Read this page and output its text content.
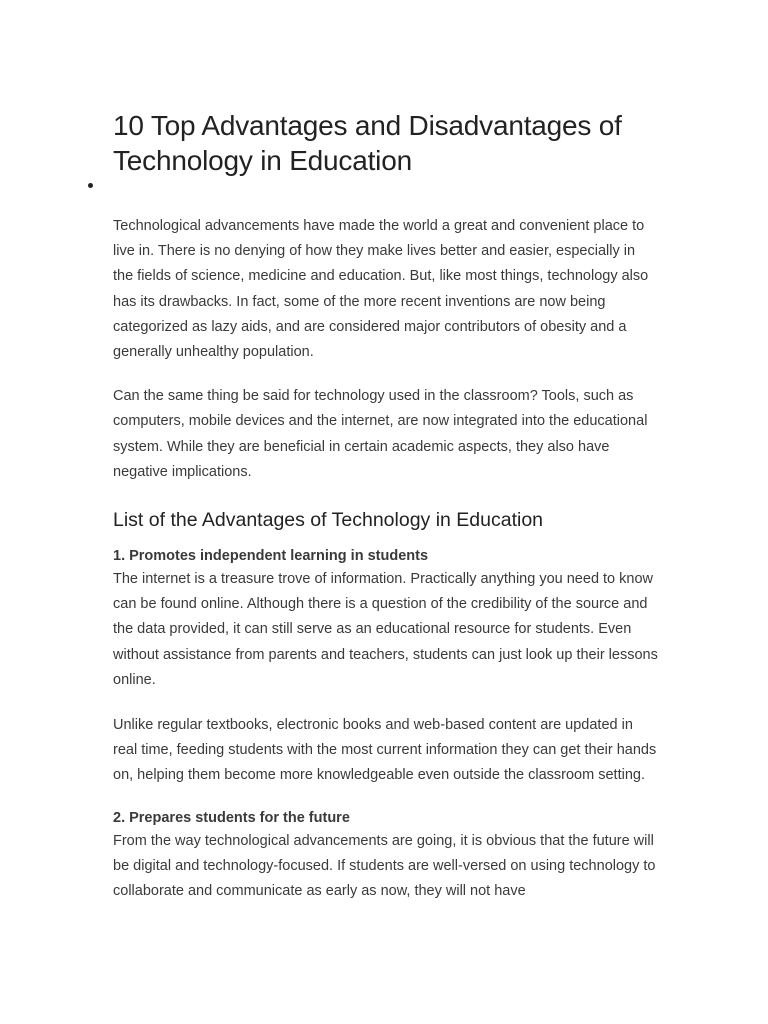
10 Top Advantages and Disadvantages of Technology in Education

Technological advancements have made the world a great and convenient place to live in. There is no denying of how they make lives better and easier, especially in the fields of science, medicine and education. But, like most things, technology also has its drawbacks. In fact, some of the more recent inventions are now being categorized as lazy aids, and are considered major contributors of obesity and a generally unhealthy population.

Can the same thing be said for technology used in the classroom? Tools, such as computers, mobile devices and the internet, are now integrated into the educational system. While they are beneficial in certain academic aspects, they also have negative implications.

List of the Advantages of Technology in Education
1. Promotes independent learning in students

The internet is a treasure trove of information. Practically anything you need to know can be found online. Although there is a question of the credibility of the source and the data provided, it can still serve as an educational resource for students. Even without assistance from parents and teachers, students can just look up their lessons online.

Unlike regular textbooks, electronic books and web-based content are updated in real time, feeding students with the most current information they can get their hands on, helping them become more knowledgeable even outside the classroom setting.

2. Prepares students for the future

From the way technological advancements are going, it is obvious that the future will be digital and technology-focused. If students are well-versed on using technology to collaborate and communicate as early as now, they will not have
